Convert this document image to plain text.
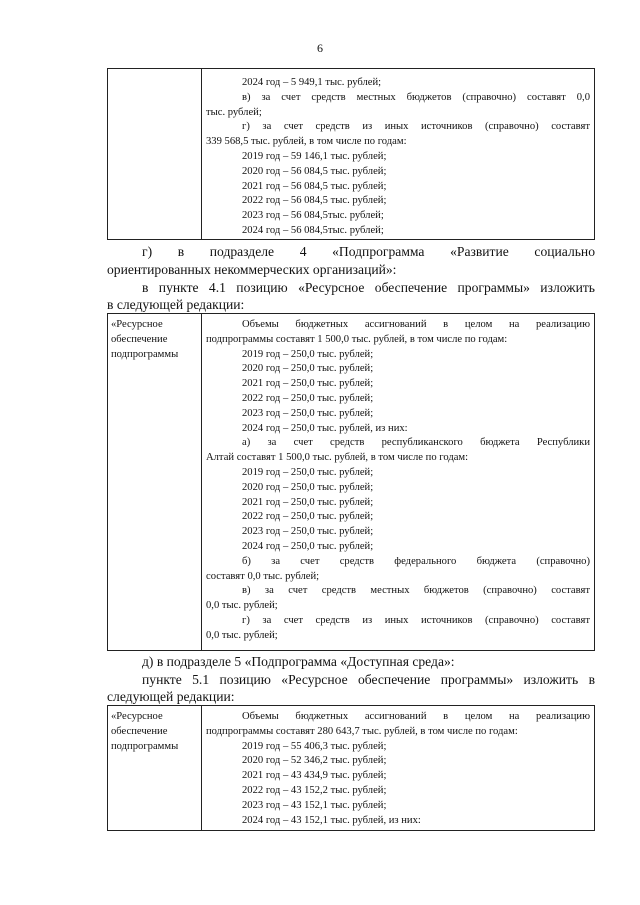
6
2024 год – 5 949,1 тыс. рублей;
в) за счет средств местных бюджетов (справочно) составят 0,0
тыс. рублей;
г) за счет средств из иных источников (справочно) составят
339 568,5 тыс. рублей, в том числе по годам:
2019 год – 59 146,1 тыс. рублей;
2020 год – 56 084,5 тыс. рублей;
2021 год – 56 084,5 тыс. рублей;
2022 год – 56 084,5 тыс. рублей;
2023 год – 56 084,5тыс. рублей;
2024 год – 56 084,5тыс. рублей;
г) в подразделе 4 «Подпрограмма «Развитие социально
ориентированных некоммерческих организаций»:
в пункте 4.1 позицию «Ресурсное обеспечение программы» изложить
в следующей редакции:
«Ресурсное
обеспечение
подпрограммы
Объемы бюджетных ассигнований в целом на реализацию
подпрограммы составят 1 500,0 тыс. рублей, в том числе по годам:
2019 год – 250,0 тыс. рублей;
2020 год – 250,0 тыс. рублей;
2021 год – 250,0 тыс. рублей;
2022 год – 250,0 тыс. рублей;
2023 год – 250,0 тыс. рублей;
2024 год – 250,0 тыс. рублей, из них:
а) за счет средств республиканского бюджета Республики
Алтай составят 1 500,0 тыс. рублей, в том числе по годам:
2019 год – 250,0 тыс. рублей;
2020 год – 250,0 тыс. рублей;
2021 год – 250,0 тыс. рублей;
2022 год – 250,0 тыс. рублей;
2023 год – 250,0 тыс. рублей;
2024 год – 250,0 тыс. рублей;
б) за счет средств федерального бюджета (справочно)
составят 0,0 тыс. рублей;
в) за счет средств местных бюджетов (справочно) составят
0,0 тыс. рублей;
г) за счет средств из иных источников (справочно) составят
0,0 тыс. рублей;
д) в подразделе 5 «Подпрограмма «Доступная среда»:
пункте 5.1 позицию «Ресурсное обеспечение программы» изложить в
следующей редакции:
«Ресурсное
обеспечение
подпрограммы
Объемы бюджетных ассигнований в целом на реализацию
подпрограммы составят 280 643,7 тыс. рублей, в том числе по годам:
2019 год – 55 406,3 тыс. рублей;
2020 год – 52 346,2 тыс. рублей;
2021 год – 43 434,9 тыс. рублей;
2022 год – 43 152,2 тыс. рублей;
2023 год – 43 152,1 тыс. рублей;
2024 год – 43 152,1 тыс. рублей, из них:
